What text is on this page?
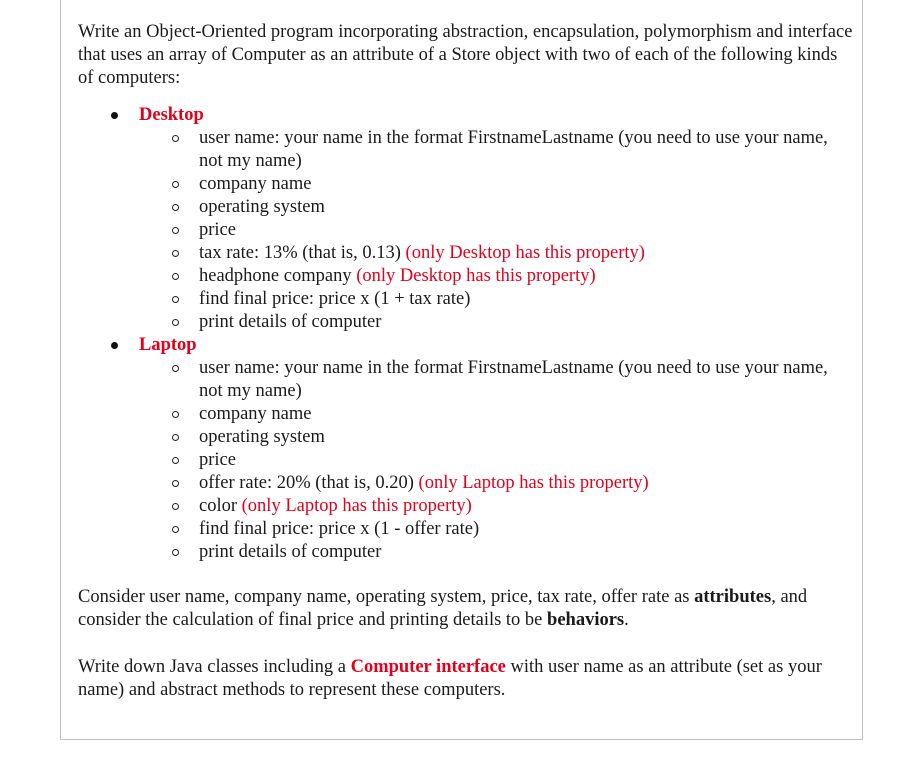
Write an Object-Oriented program incorporating abstraction, encapsulation, polymorphism and interface that uses an array of Computer as an attribute of a Store object with two of each of the following kinds of computers:

Desktop
user name: your name in the format FirstnameLastname (you need to use your name, not my name)
company name
operating system
price
tax rate: 13% (that is, 0.13) (only Desktop has this property)
headphone company (only Desktop has this property)
find final price: price x (1 + tax rate)
print details of computer
Laptop
user name: your name in the format FirstnameLastname (you need to use your name, not my name)
company name
operating system
price
offer rate: 20% (that is, 0.20) (only Laptop has this property)
color (only Laptop has this property)
find final price: price x (1 - offer rate)
print details of computer

Consider user name, company name, operating system, price, tax rate, offer rate as attributes, and consider the calculation of final price and printing details to be behaviors.

Write down Java classes including a Computer interface with user name as an attribute (set as your name) and abstract methods to represent these computers.
